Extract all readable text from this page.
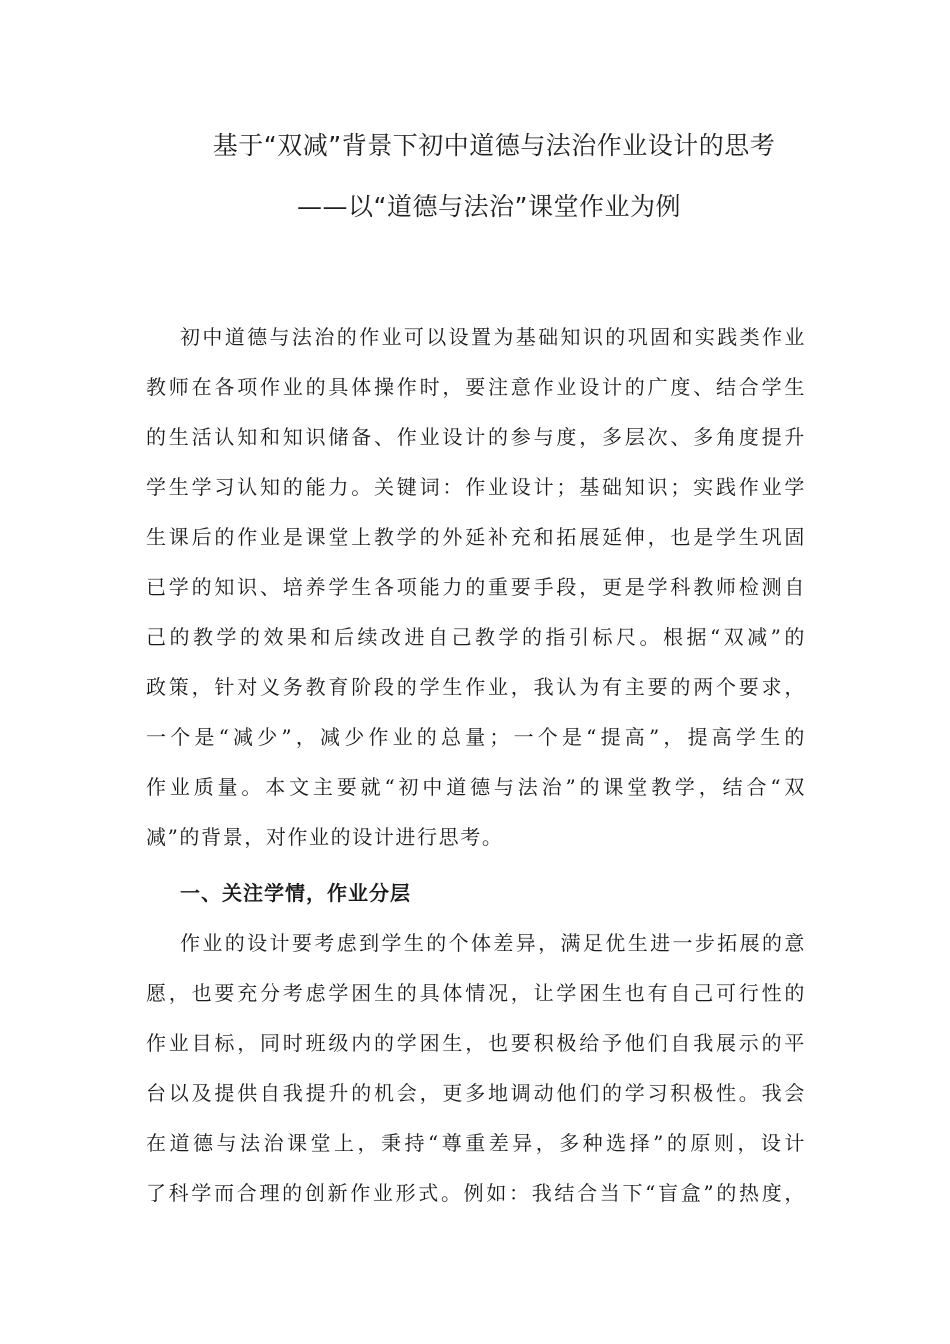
基于“双减”背景下初中道德与法治作业设计的思考
——以“道德与法治”课堂作业为例
初中道德与法治的作业可以设置为基础知识的巩固和实践类作业
教师在各项作业的具体操作时，要注意作业设计的广度、结合学生
的生活认知和知识储备、作业设计的参与度，多层次、多角度提升
学生学习认知的能力。关键词：作业设计；基础知识；实践作业学
生课后的作业是课堂上教学的外延补充和拓展延伸，也是学生巩固
已学的知识、培养学生各项能力的重要手段，更是学科教师检测自
己的教学的效果和后续改进自己教学的指引标尺。根据“双减”的
政策，针对义务教育阶段的学生作业，我认为有主要的两个要求，
一个是“减少”，减少作业的总量；一个是“提高”，提高学生的
作业质量。本文主要就“初中道德与法治”的课堂教学，结合“双
减”的背景，对作业的设计进行思考。
一、关注学情，作业分层
作业的设计要考虑到学生的个体差异，满足优生进一步拓展的意
愿，也要充分考虑学困生的具体情况，让学困生也有自己可行性的
作业目标，同时班级内的学困生，也要积极给予他们自我展示的平
台以及提供自我提升的机会，更多地调动他们的学习积极性。我会
在道德与法治课堂上，秉持“尊重差异，多种选择”的原则，设计
了科学而合理的创新作业形式。例如：我结合当下“盲盒”的热度，
